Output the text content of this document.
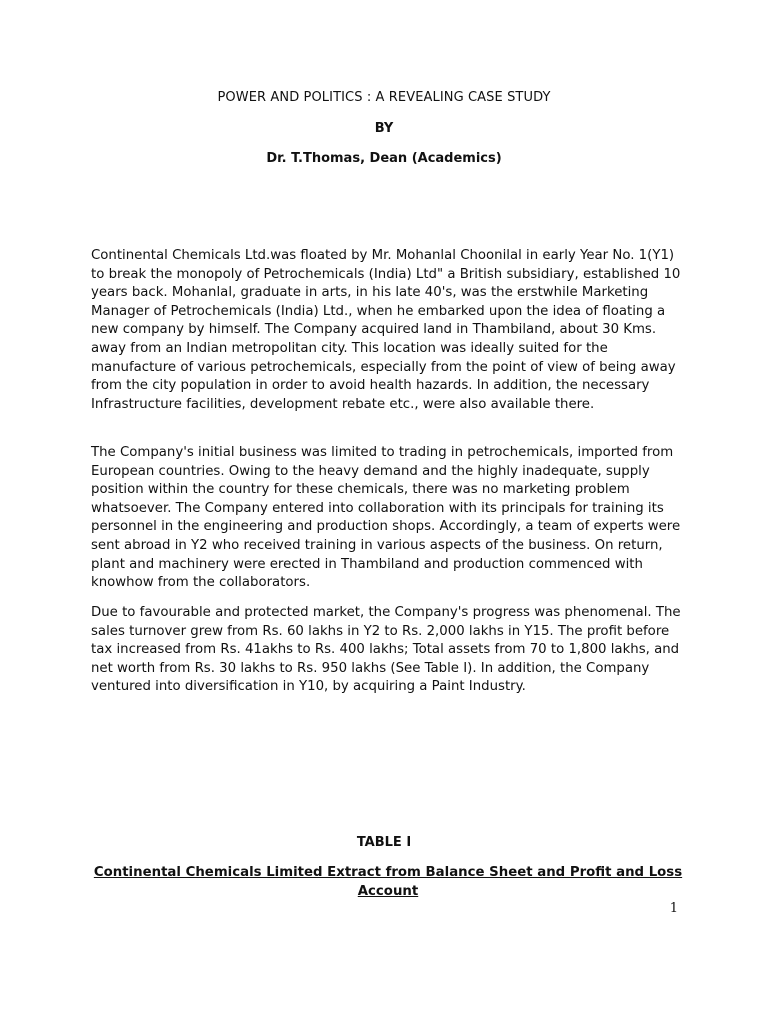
POWER AND POLITICS : A REVEALING CASE STUDY
BY
Dr. T.Thomas, Dean (Academics)

Continental Chemicals Ltd.was floated by Mr. Mohanlal Choonilal in early Year No. 1(Y1) to break the monopoly of Petrochemicals (India) Ltd" a British subsidiary, established 10 years back. Mohanlal, graduate in arts, in his late 40's, was the erstwhile Marketing Manager of Petrochemicals (India) Ltd., when he embarked upon the idea of floating a new company by himself. The Company acquired land in Thambiland, about 30 Kms. away from an Indian metropolitan city. This location was ideally suited for the manufacture of various petrochemicals, especially from the point of view of being away from the city population in order to avoid health hazards. In addition, the necessary Infrastructure facilities, development rebate etc., were also available there.

The Company's initial business was limited to trading in petrochemicals, imported from European countries. Owing to the heavy demand and the highly inadequate, supply position within the country for these chemicals, there was no marketing problem whatsoever. The Company entered into collaboration with its principals for training its personnel in the engineering and production shops. Accordingly, a team of experts were sent abroad in Y2 who received training in various aspects of the business. On return, plant and machinery were erected in Thambiland and production commenced with knowhow from the collaborators.

Due to favourable and protected market, the Company's progress was phenomenal. The sales turnover grew from Rs. 60 lakhs in Y2 to Rs. 2,000 lakhs in Y15. The profit before tax increased from Rs. 41akhs to Rs. 400 lakhs; Total assets from 70 to 1,800 lakhs, and net worth from Rs. 30 lakhs to Rs. 950 lakhs (See Table I). In addition, the Company ventured into diversification in Y10, by acquiring a Paint Industry.

TABLE I
Continental Chemicals Limited Extract from Balance Sheet and Profit and Loss Account
1
